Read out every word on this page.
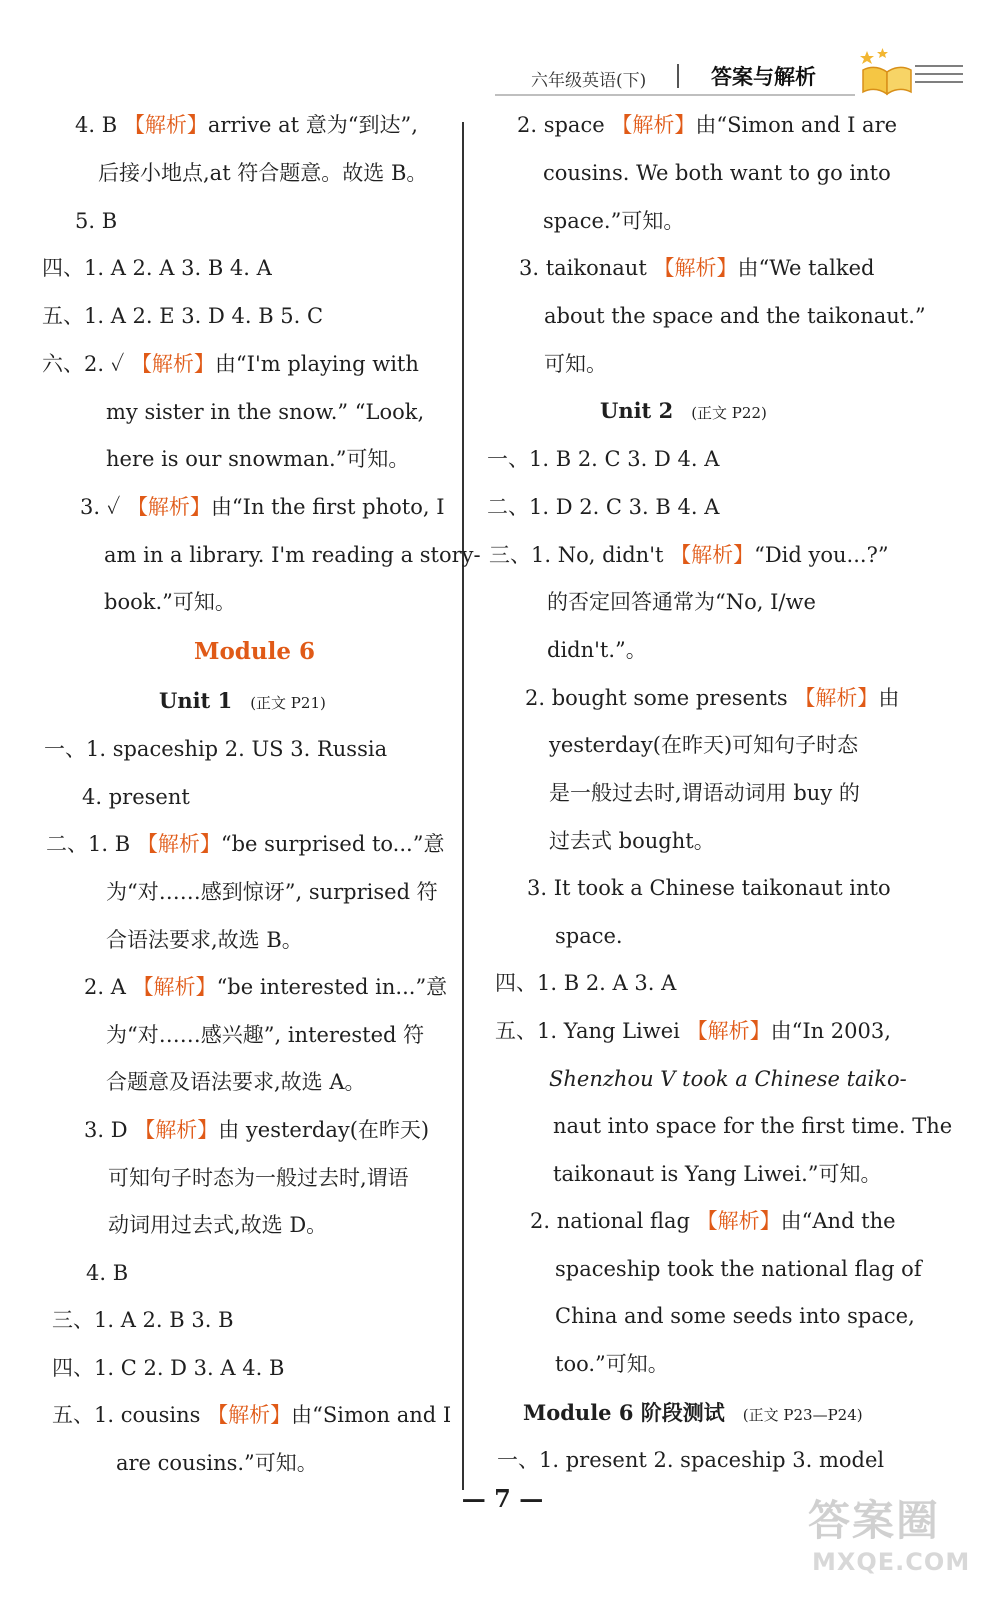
六年级英语(下)	答案与解析
4. B 【解析】arrive at 意为“到达”,
后接小地点,at 符合题意。故选 B。
5. B
四、1. A 2. A 3. B 4. A
五、1. A 2. E 3. D 4. B 5. C
六、2. ✓ 【解析】由“I'm playing with
my sister in the snow.” “Look,
here is our snowman.”可知。
3. ✓ 【解析】由“In the first photo, I
am in a library. I'm reading a story-
book.”可知。
Module 6
Unit 1 (正文 P21)
一、1. spaceship 2. US 3. Russia
4. present
二、1. B 【解析】“be surprised to...”意
为“对……感到惊讶”, surprised 符
合语法要求,故选 B。
2. A 【解析】“be interested in...”意
为“对……感兴趣”, interested 符
合题意及语法要求,故选 A。
3. D 【解析】由 yesterday(在昨天)
可知句子时态为一般过去时,谓语
动词用过去式,故选 D。
4. B
三、1. A 2. B 3. B
四、1. C 2. D 3. A 4. B
五、1. cousins 【解析】由“Simon and I
are cousins.”可知。
2. space 【解析】由“Simon and I are
cousins. We both want to go into
space.”可知。
3. taikonaut 【解析】由“We talked
about the space and the taikonaut.”
可知。
Unit 2 (正文 P22)
一、1. B 2. C 3. D 4. A
二、1. D 2. C 3. B 4. A
三、1. No, didn't 【解析】“Did you...?”
的否定回答通常为“No, I/we
didn't.”。
2. bought some presents 【解析】由
yesterday(在昨天)可知句子时态
是一般过去时,谓语动词用 buy 的
过去式 bought。
3. It took a Chinese taikonaut into
space.
四、1. B 2. A 3. A
五、1. Yang Liwei 【解析】由“In 2003,
Shenzhou V took a Chinese taiko-
naut into space for the first time. The
taikonaut is Yang Liwei.”可知。
2. national flag 【解析】由“And the
spaceship took the national flag of
China and some seeds into space,
too.”可知。
Module 6 阶段测试 (正文 P23—P24)
一、1. present 2. spaceship 3. model
— 7 —	答案圈
MXQE.COM
